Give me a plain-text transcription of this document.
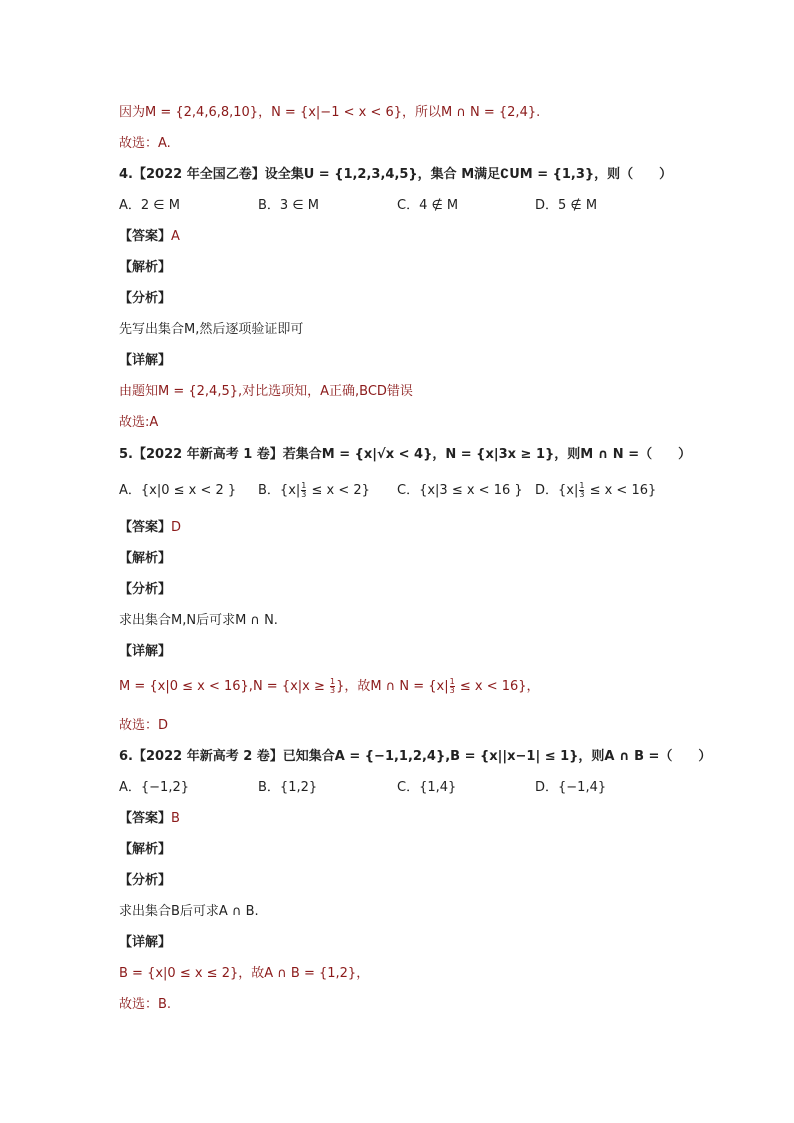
因为M = {2,4,6,8,10}，N = {x|−1 < x < 6}，所以M ∩ N = {2,4}.
故选：A.
4.【2022 年全国乙卷】设全集U = {1,2,3,4,5}，集合 M满足∁UM = {1,3}，则（　　）
A．2 ∈ M	B．3 ∈ M	C．4 ∉ M	D．5 ∉ M
【答案】A
【解析】
【分析】
先写出集合M,然后逐项验证即可
【详解】
由题知M = {2,4,5},对比选项知，A正确,BCD错误
故选:A
5.【2022 年新高考 1 卷】若集合M = {x|√x < 4}，N = {x|3x ≥ 1}，则M ∩ N =（　　）
A．{x|0 ≤ x < 2 } B．$\{x| \frac{1}{3} \le x < 2\}$ C．{x|3 ≤ x < 16 } D．$\{x| \frac{1}{3} \le x < 16\}$
【答案】D
【解析】
【分析】
求出集合M,N后可求M ∩ N.
【详解】
$M = \{x|0 \le x < 16\},N = \{x|x \ge \frac{1}{3}$ }，故M ∩ $N = \{x| \frac{1}{3} \le x < 16\}$，
故选：D
6.【2022 年新高考 2 卷】已知集合A = {−1,1,2,4},B = {x||x−1| ≤ 1}，则A ∩ B =（　　）
A．{−1,2}	B．{1,2}	C．{1,4}	D．{−1,4}
【答案】B
【解析】
【分析】
求出集合B后可求A ∩ B.
【详解】
B = {x|0 ≤ x ≤ 2}，故A ∩ B = {1,2}，
故选：B.
